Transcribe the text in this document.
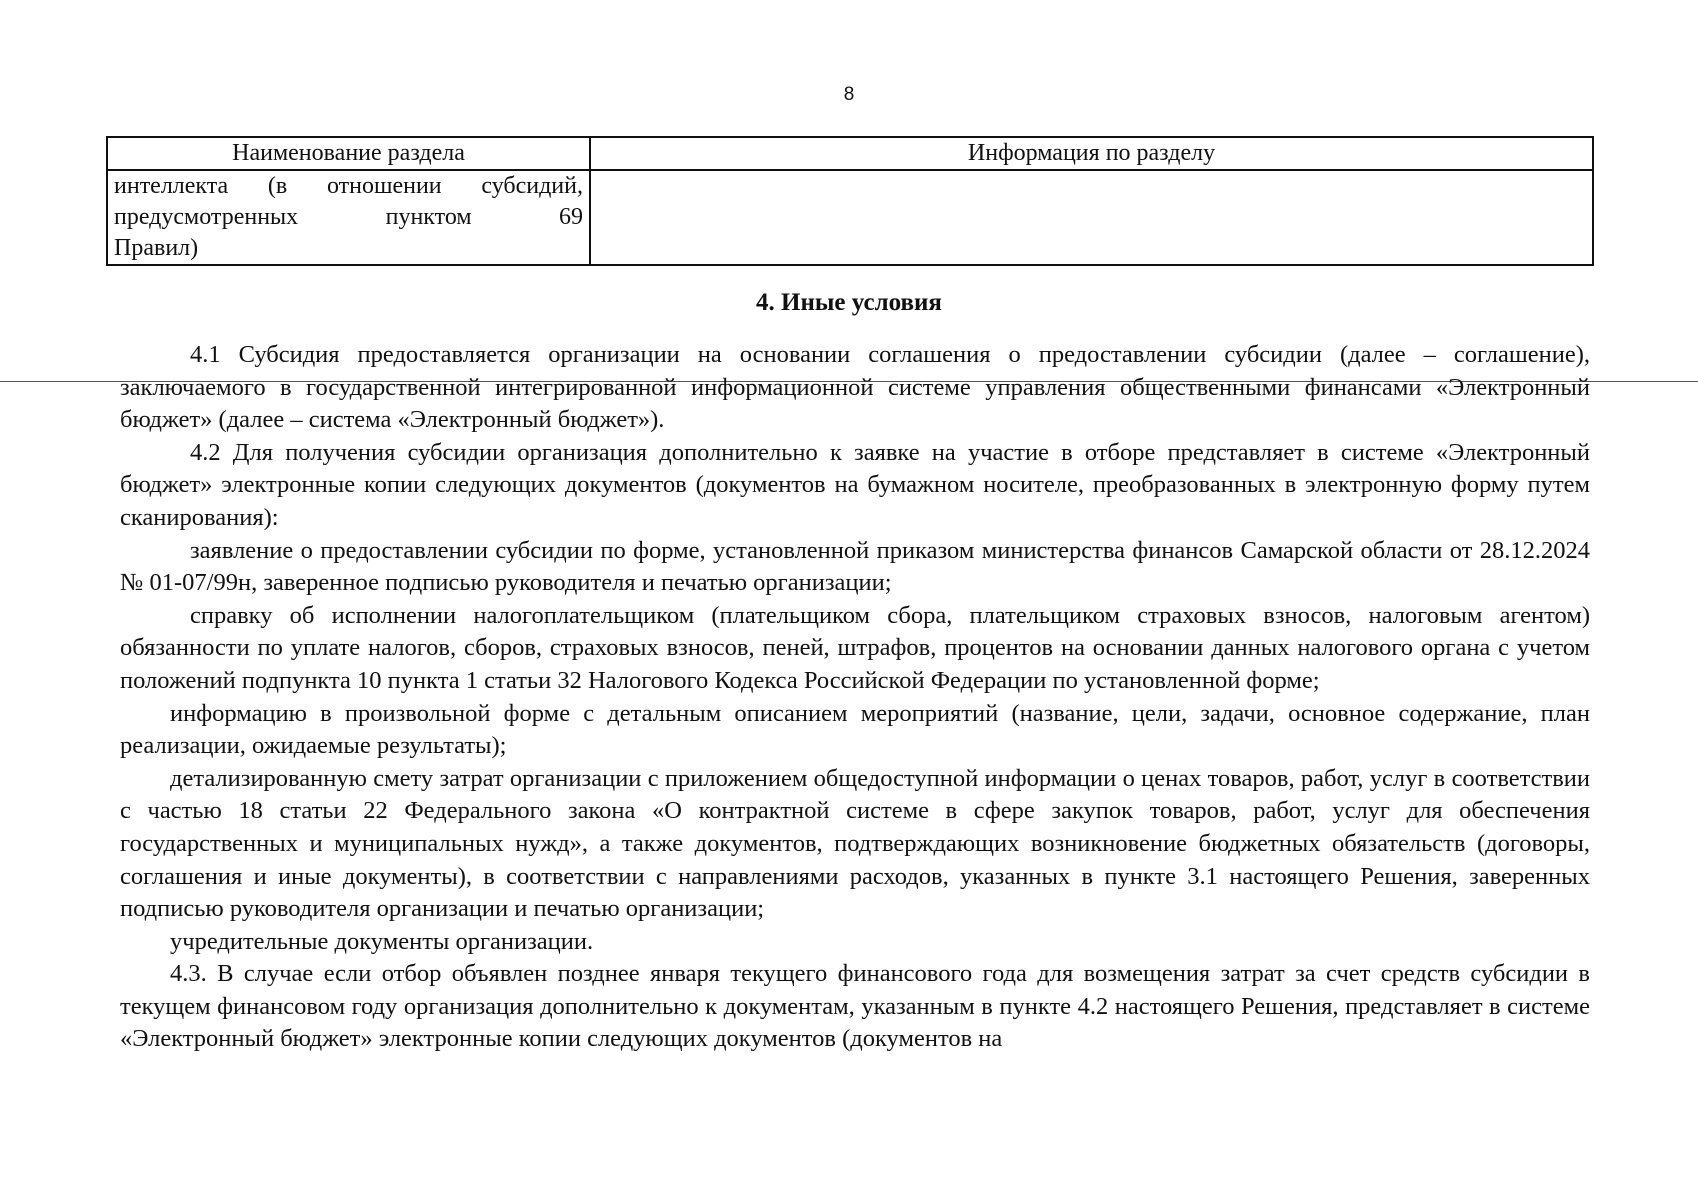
8
Наименование раздела	Информация по разделу

интеллекта (в отношении субсидий,
предусмотренных пунктом 69
Правил)	

4. Иные условия

4.1 Субсидия предоставляется организации на основании соглашения о предоставлении субсидии (далее – соглашение), заключаемого в государственной интегрированной информационной системе управления общественными финансами «Электронный бюджет» (далее – система «Электронный бюджет»).

4.2 Для получения субсидии организация дополнительно к заявке на участие в отборе представляет в системе «Электронный бюджет» электронные копии следующих документов (документов на бумажном носителе, преобразованных в электронную форму путем сканирования):

заявление о предоставлении субсидии по форме, установленной приказом министерства финансов Самарской области от 28.12.2024 № 01-07/99н, заверенное подписью руководителя и печатью организации;

справку об исполнении налогоплательщиком (плательщиком сбора, плательщиком страховых взносов, налоговым агентом) обязанности по уплате налогов, сборов, страховых взносов, пеней, штрафов, процентов на основании данных налогового органа с учетом положений подпункта 10 пункта 1 статьи 32 Налогового Кодекса Российской Федерации по установленной форме;

информацию в произвольной форме с детальным описанием мероприятий (название, цели, задачи, основное содержание, план реализации, ожидаемые результаты);

детализированную смету затрат организации с приложением общедоступной информации о ценах товаров, работ, услуг в соответствии с частью 18 статьи 22 Федерального закона «О контрактной системе в сфере закупок товаров, работ, услуг для обеспечения государственных и муниципальных нужд», а также документов, подтверждающих возникновение бюджетных обязательств (договоры, соглашения и иные документы), в соответствии с направлениями расходов, указанных в пункте 3.1 настоящего Решения, заверенных подписью руководителя организации и печатью организации;

учредительные документы организации.

4.3. В случае если отбор объявлен позднее января текущего финансового года для возмещения затрат за счет средств субсидии в текущем финансовом году организация дополнительно к документам, указанным в пункте 4.2 настоящего Решения, представляет в системе «Электронный бюджет» электронные копии следующих документов (документов на
